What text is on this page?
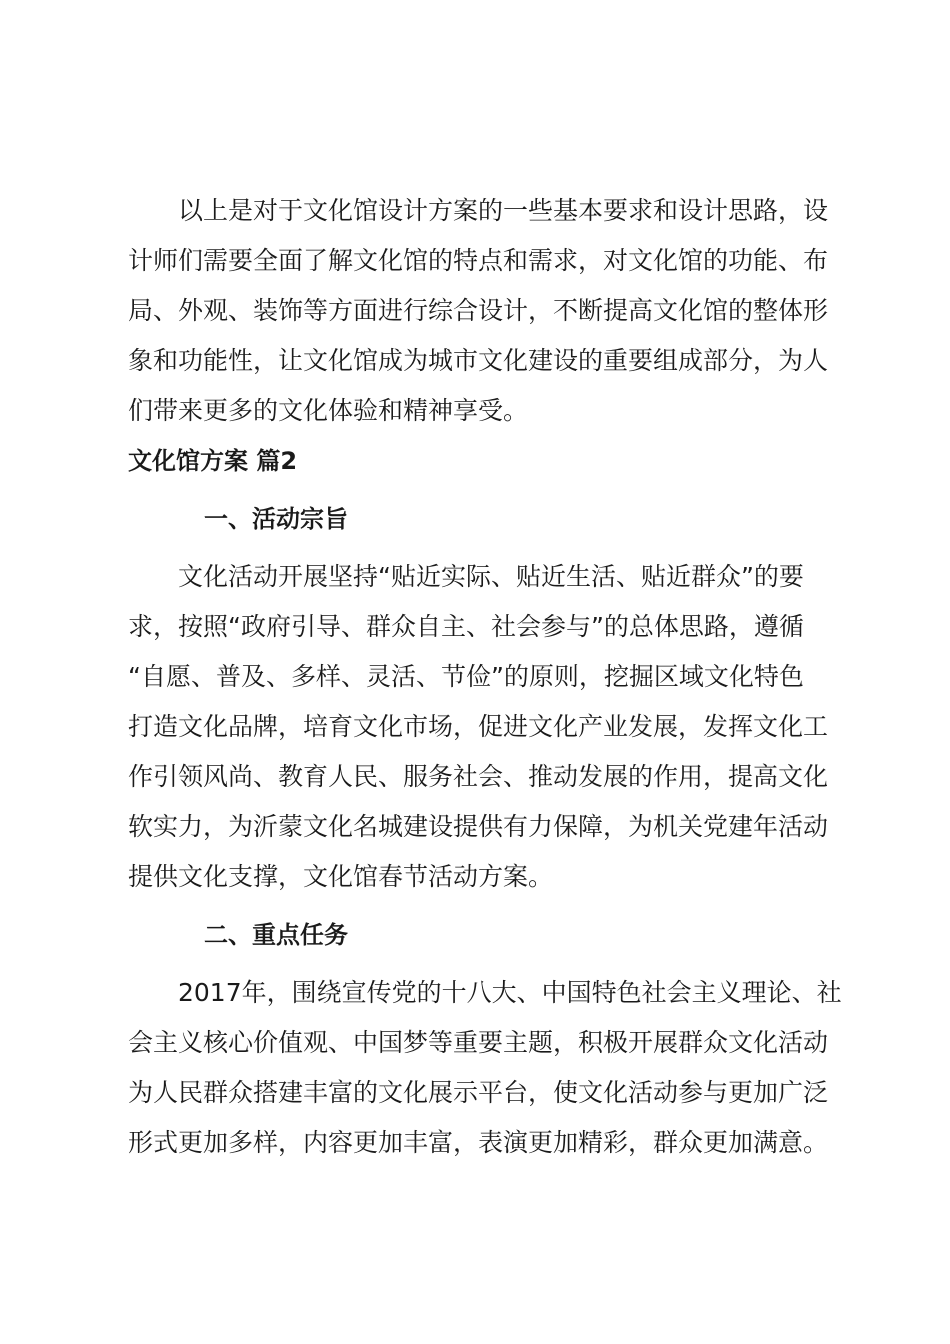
以上是对于文化馆设计方案的一些基本要求和设计思路，设
计师们需要全面了解文化馆的特点和需求，对文化馆的功能、布
局、外观、装饰等方面进行综合设计，不断提高文化馆的整体形
象和功能性，让文化馆成为城市文化建设的重要组成部分，为人
们带来更多的文化体验和精神享受。
文化馆方案 篇2
一、活动宗旨
文化活动开展坚持“贴近实际、贴近生活、贴近群众”的要
求，按照“政府引导、群众自主、社会参与”的总体思路，遵循
“自愿、普及、多样、灵活、节俭”的原则，挖掘区域文化特色
打造文化品牌，培育文化市场，促进文化产业发展，发挥文化工
作引领风尚、教育人民、服务社会、推动发展的作用，提高文化
软实力，为沂蒙文化名城建设提供有力保障，为机关党建年活动
提供文化支撑，文化馆春节活动方案。
二、重点任务
2017年，围绕宣传党的十八大、中国特色社会主义理论、社
会主义核心价值观、中国梦等重要主题，积极开展群众文化活动
为人民群众搭建丰富的文化展示平台，使文化活动参与更加广泛
形式更加多样，内容更加丰富，表演更加精彩，群众更加满意。
